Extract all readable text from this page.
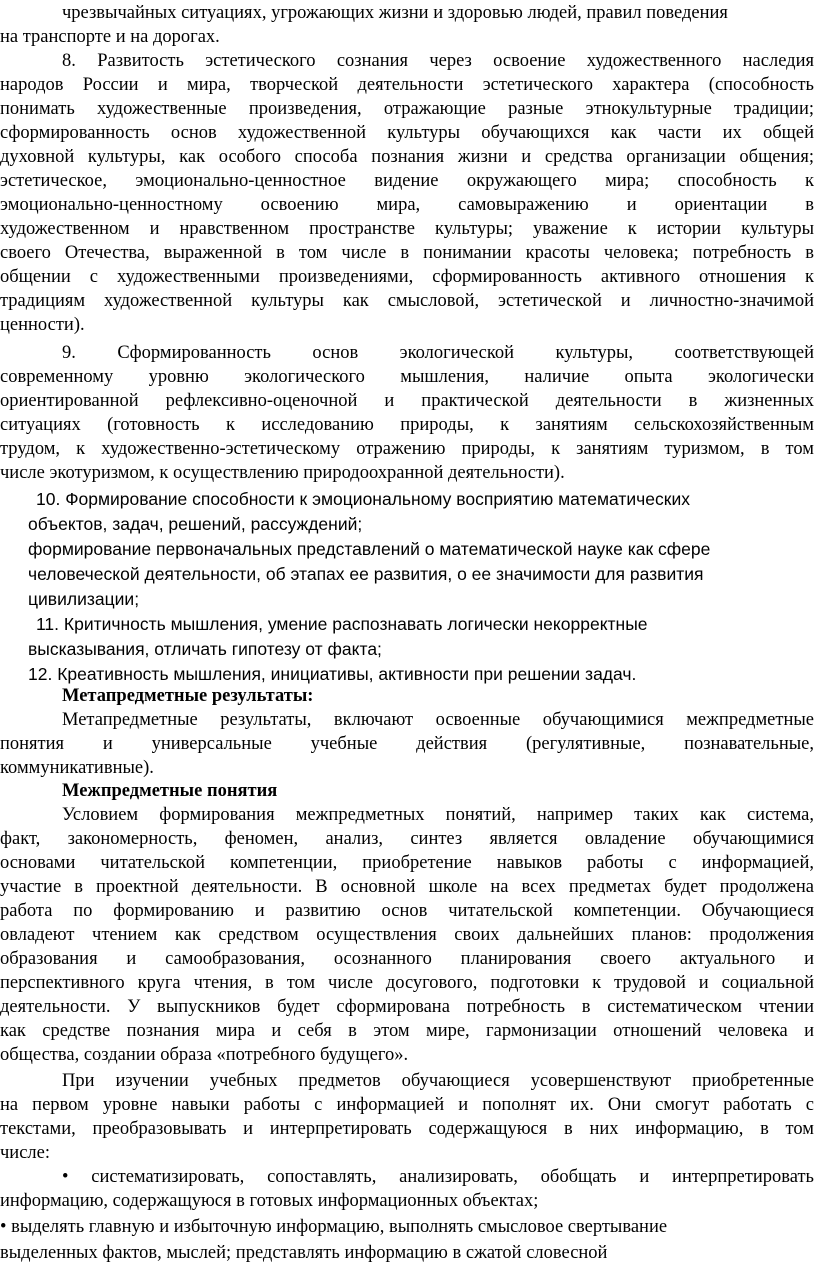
чрезвычайных ситуациях, угрожающих жизни и здоровью людей, правил поведения

на транспорте и на дорогах.

8. Развитость эстетического сознания через освоение художественного наследия

народов России и мира, творческой деятельности эстетического характера (способность

понимать художественные произведения, отражающие разные этнокультурные традиции;

сформированность основ художественной культуры обучающихся как части их общей

духовной культуры, как особого способа познания жизни и средства организации общения;

эстетическое, эмоционально-ценностное видение окружающего мира; способность к

эмоционально-ценностному освоению мира, самовыражению и ориентации в

художественном и нравственном пространстве культуры; уважение к истории культуры

своего Отечества, выраженной в том числе в понимании красоты человека; потребность в

общении с художественными произведениями, сформированность активного отношения к

традициям художественной культуры как смысловой, эстетической и личностно-значимой

ценности).

9. Сформированность основ экологической культуры, соответствующей

современному уровню экологического мышления, наличие опыта экологически

ориентированной рефлексивно-оценочной и практической деятельности в жизненных

ситуациях (готовность к исследованию природы, к занятиям сельскохозяйственным

трудом, к художественно-эстетическому отражению природы, к занятиям туризмом, в том

числе экотуризмом, к осуществлению природоохранной деятельности).

10. Формирование способности к эмоциональному восприятию математических

объектов, задач, решений, рассуждений;

формирование первоначальных представлений о математической науке как сфере

человеческой деятельности, об этапах ее развития, о ее значимости для развития

цивилизации;

11. Критичность мышления, умение распознавать логически некорректные

высказывания, отличать гипотезу от факта;

12. Креативность мышления, инициативы, активности при решении задач.

Метапредметные результаты:

Метапредметные результаты, включают освоенные обучающимися межпредметные

понятия и универсальные учебные действия (регулятивные, познавательные,

коммуникативные).

Межпредметные понятия

Условием формирования межпредметных понятий, например таких как система,

факт, закономерность, феномен, анализ, синтез является овладение обучающимися

основами читательской компетенции, приобретение навыков работы с информацией,

участие в проектной деятельности. В основной школе на всех предметах будет продолжена

работа по формированию и развитию основ читательской компетенции. Обучающиеся

овладеют чтением как средством осуществления своих дальнейших планов: продолжения

образования и самообразования, осознанного планирования своего актуального и

перспективного круга чтения, в том числе досугового, подготовки к трудовой и социальной

деятельности. У выпускников будет сформирована потребность в систематическом чтении

как средстве познания мира и себя в этом мире, гармонизации отношений человека и

общества, создании образа «потребного будущего».

При изучении учебных предметов обучающиеся усовершенствуют приобретенные

на первом уровне навыки работы с информацией и пополнят их. Они смогут работать с

текстами, преобразовывать и интерпретировать содержащуюся в них информацию, в том

числе:

• систематизировать, сопоставлять, анализировать, обобщать и интерпретировать

информацию, содержащуюся в готовых информационных объектах;

• выделять главную и избыточную информацию, выполнять смысловое свертывание

выделенных фактов, мыслей; представлять информацию в сжатой словесной
